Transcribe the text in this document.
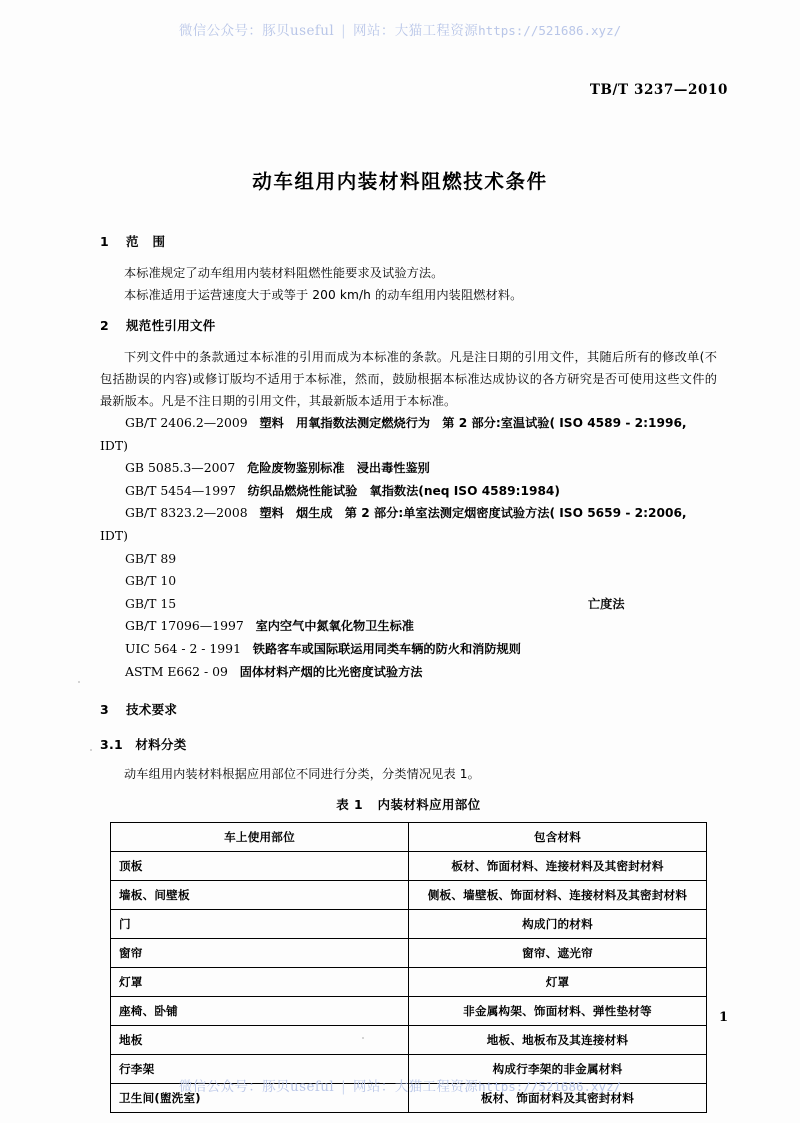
微信公众号：豚贝useful | 网站：大猫工程资源https://521686.xyz/
TB/T 3237—2010
动车组用内装材料阻燃技术条件
1 范围

本标准规定了动车组用内装材料阻燃性能要求及试验方法。

本标准适用于运营速度大于或等于 200 km/h 的动车组用内装阻燃材料。

2 规范性引用文件

下列文件中的条款通过本标准的引用而成为本标准的条款。凡是注日期的引用文件，其随后所有的修改单(不包括勘误的内容)或修订版均不适用于本标准，然而，鼓励根据本标准达成协议的各方研究是否可使用这些文件的最新版本。凡是不注日期的引用文件，其最新版本适用于本标准。

GB/T 2406.2—2009 塑料　用氧指数法测定燃烧行为　第 2 部分:室温试验( ISO 4589 - 2:1996,

IDT)

GB 5085.3—2007 危险废物鉴别标准　浸出毒性鉴别

GB/T 5454—1997 纺织品燃烧性能试验　氧指数法(neq ISO 4589:1984)

GB/T 8323.2—2008 塑料　烟生成　第 2 部分:单室法测定烟密度试验方法( ISO 5659 - 2:2006,

IDT)

GB/T 89

GB/T 10

GB/T 15	亡度法

GB/T 17096—1997 室内空气中氮氧化物卫生标准

UIC 564 - 2 - 1991 铁路客车或国际联运用同类车辆的防火和消防规则

ASTM E662 - 09 固体材料产烟的比光密度试验方法

3 技术要求
3.1 材料分类

动车组用内装材料根据应用部位不同进行分类，分类情况见表 1。

表 1 内装材料应用部位

车上使用部位	包含材料
顶板	板材、饰面材料、连接材料及其密封材料
墙板、间壁板	侧板、墙壁板、饰面材料、连接材料及其密封材料
门	构成门的材料
窗帘	窗帘、遮光帘
灯罩	灯罩
座椅、卧铺	非金属构架、饰面材料、弹性垫材等
地板	地板、地板布及其连接材料
行李架	构成行李架的非金属材料
卫生间(盥洗室)	板材、饰面材料及其密封材料
1
微信公众号：豚贝useful | 网站：大猫工程资源https://521686.xyz/
